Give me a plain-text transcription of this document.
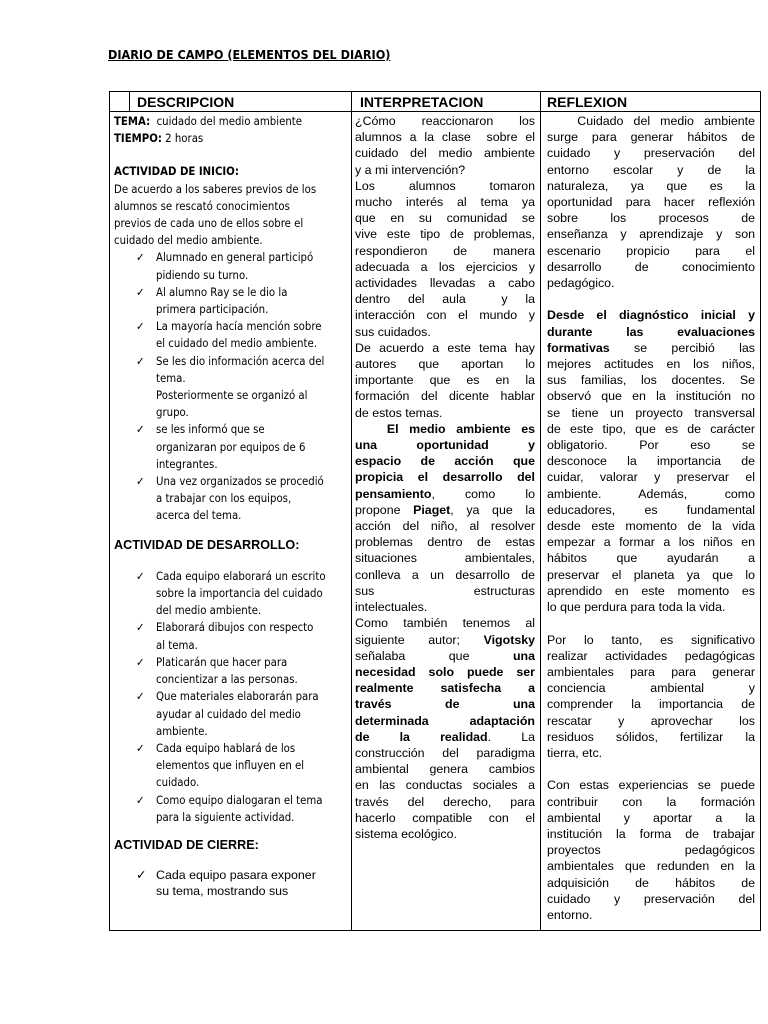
DIARIO DE CAMPO (ELEMENTOS DEL DIARIO)
DESCRIPCION	INTERPRETACION	REFLEXION
TEMA:  cuidado del medio ambiente
TIEMPO: 2 horas
ACTIVIDAD DE INICIO:
De acuerdo a los saberes previos de los
alumnos se rescató conocimientos
previos de cada uno de ellos sobre el
cuidado del medio ambiente.
✓ Alumnado en general participó
pidiendo su turno.
✓ Al alumno Ray se le dio la
primera participación.
✓ La mayoría hacía mención sobre
el cuidado del medio ambiente.
✓ Se les dio información acerca del
tema.
Posteriormente se organizó al
grupo.
✓ se les informó que se
organizaran por equipos de 6
integrantes.
✓ Una vez organizados se procedió
a trabajar con los equipos,
acerca del tema.
ACTIVIDAD DE DESARROLLO:
✓ Cada equipo elaborará un escrito
sobre la importancia del cuidado
del medio ambiente.
✓ Elaborará dibujos con respecto
al tema.
✓ Platicarán que hacer para
concientizar a las personas.
✓ Que materiales elaborarán para
ayudar al cuidado del medio
ambiente.
✓ Cada equipo hablará de los
elementos que influyen en el
cuidado.
✓ Como equipo dialogaran el tema
para la siguiente actividad.
ACTIVIDAD DE CIERRE:
✓ Cada equipo pasara exponer
su tema, mostrando sus
¿Cómo reaccionaron los
alumnos a la clase  sobre el
cuidado del medio ambiente
y a mi intervención?
Los alumnos tomaron
mucho interés al tema ya
que en su comunidad se
vive este tipo de problemas,
respondieron de manera
adecuada a los ejercicios y
actividades llevadas a cabo
dentro del aula  y la
interacción con el mundo y
sus cuidados.
De acuerdo a este tema hay
autores que aportan lo
importante que es en la
formación del dicente hablar
de estos temas.
El medio ambiente es
una oportunidad y
espacio de acción que
propicia el desarrollo del
pensamiento, como lo
propone Piaget, ya que la
acción del niño, al resolver
problemas dentro de estas
situaciones ambientales,
conlleva a un desarrollo de
sus estructuras
intelectuales.
Como también tenemos al
siguiente autor; Vigotsky
señalaba que una
necesidad solo puede ser
realmente satisfecha a
través de una
determinada adaptación
de la realidad. La
construcción del paradigma
ambiental genera cambios
en las conductas sociales a
través del derecho, para
hacerlo compatible con el
sistema ecológico.
Cuidado del medio ambiente
surge para generar hábitos de
cuidado y preservación del
entorno escolar y de la
naturaleza, ya que es la
oportunidad para hacer reflexión
sobre los procesos de
enseñanza y aprendizaje y son
escenario propicio para el
desarrollo de conocimiento
pedagógico.

Desde el diagnóstico inicial y
durante las evaluaciones
formativas se percibió las
mejores actitudes en los niños,
sus familias, los docentes. Se
observó que en la institución no
se tiene un proyecto transversal
de este tipo, que es de carácter
obligatorio. Por eso se
desconoce la importancia de
cuidar, valorar y preservar el
ambiente. Además, como
educadores, es fundamental
desde este momento de la vida
empezar a formar a los niños en
hábitos que ayudarán a
preservar el planeta ya que lo
aprendido en este momento es
lo que perdura para toda la vida.

Por lo tanto, es significativo
realizar actividades pedagógicas
ambientales para para generar
conciencia ambiental y
comprender la importancia de
rescatar y aprovechar los
residuos sólidos, fertilizar la
tierra, etc.

Con estas experiencias se puede
contribuir con la formación
ambiental y aportar a la
institución la forma de trabajar
proyectos pedagógicos
ambientales que redunden en la
adquisición de hábitos de
cuidado y preservación del
entorno.
